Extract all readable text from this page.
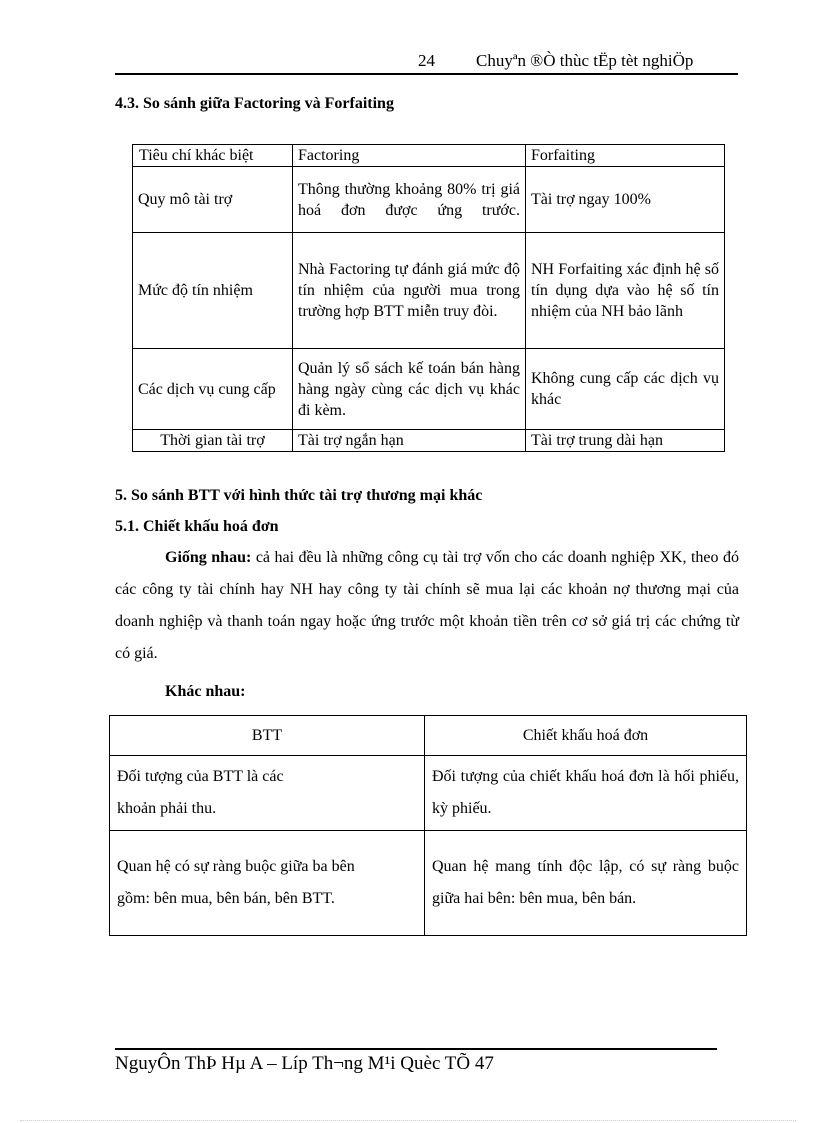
24 Chuyªn ®Ò thùc tËp tèt nghiÖp
4.3. So sánh giữa Factoring và Forfaiting
Tiêu chí khác biệt	Factoring	Forfaiting
Quy mô tài trợ	Thông thường khoảng 80% trị giá hoá đơn được ứng trước.	Tài trợ ngay 100%
Mức độ tín nhiệm	Nhà Factoring tự đánh giá mức độ tín nhiệm của người mua trong trường hợp BTT miễn truy đòi.	NH Forfaiting xác định hệ số tín dụng dựa vào hệ số tín nhiệm của NH bảo lãnh
Các dịch vụ cung cấp	Quản lý sổ sách kế toán bán hàng hàng ngày cùng các dịch vụ khác đi kèm.	Không cung cấp các dịch vụ khác
Thời gian tài trợ	Tài trợ ngắn hạn	Tài trợ trung dài hạn
5. So sánh BTT với hình thức tài trợ thương mại khác
5.1. Chiết khấu hoá đơn

Giống nhau: cả hai đều là những công cụ tài trợ vốn cho các doanh nghiệp XK, theo đó các công ty tài chính hay NH hay công ty tài chính sẽ mua lại các khoản nợ thương mại của doanh nghiệp và thanh toán ngay hoặc ứng trước một khoản tiền trên cơ sở giá trị các chứng từ có giá.

Khác nhau:
BTT	Chiết khấu hoá đơn
Đối tượng của BTT là các khoản phải thu.	Đối tượng của chiết khấu hoá đơn là hối phiếu, kỳ phiếu.
Quan hệ có sự ràng buộc giữa ba bên gồm: bên mua, bên bán, bên BTT.	Quan hệ mang tính độc lập, có sự ràng buộc giữa hai bên: bên mua, bên bán.
NguyÔn ThÞ Hµ A – Líp Th¬ng M¹i Quèc TÕ 47
